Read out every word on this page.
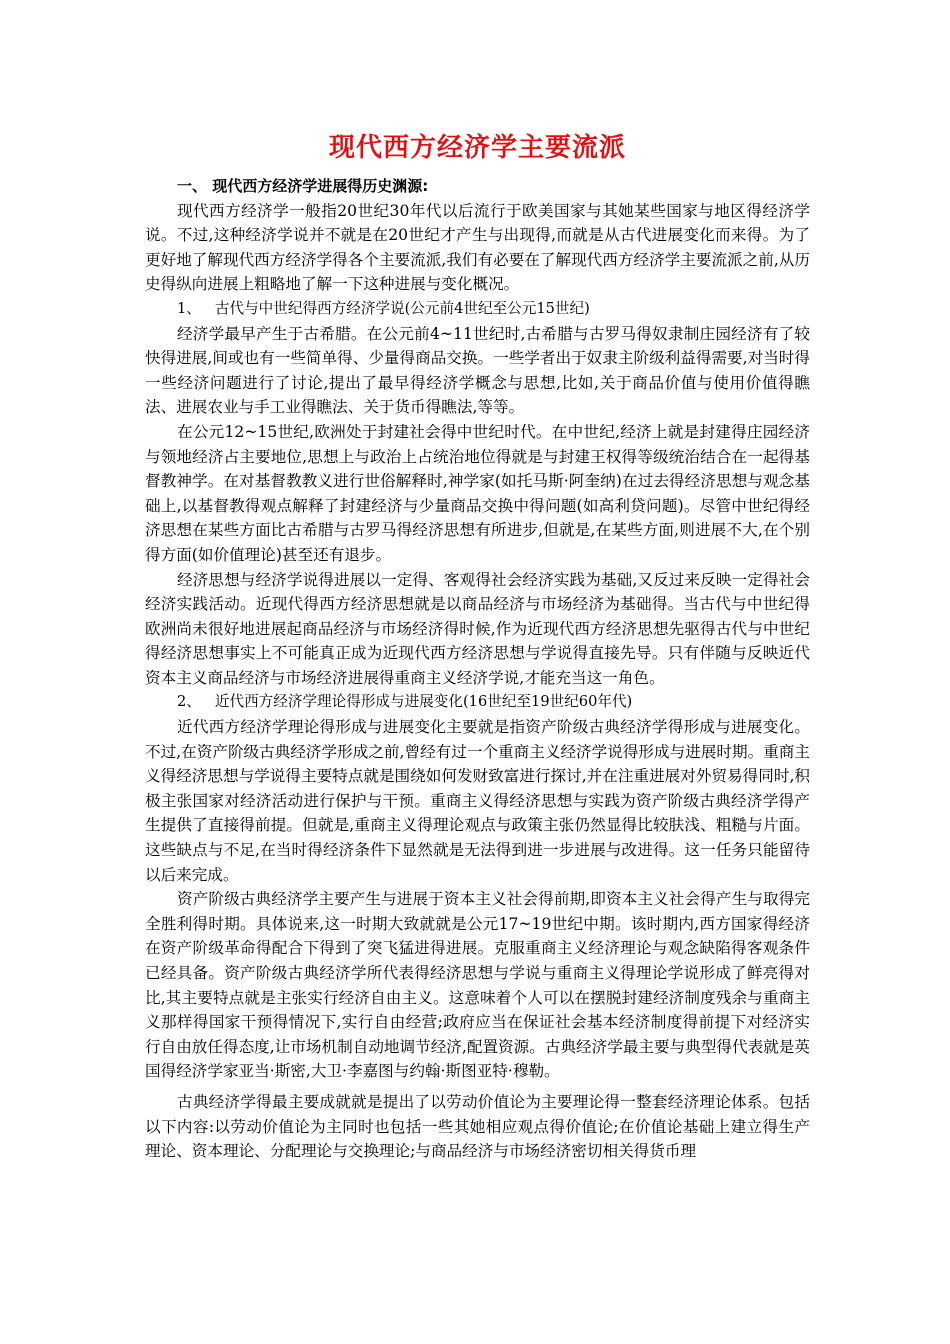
现代西方经济学主要流派

一、 现代西方经济学进展得历史渊源:

现代西方经济学一般指20世纪30年代以后流行于欧美国家与其她某些国家与地区得经济学说。不过,这种经济学说并不就是在20世纪才产生与出现得,而就是从古代进展变化而来得。为了更好地了解现代西方经济学得各个主要流派,我们有必要在了解现代西方经济学主要流派之前,从历史得纵向进展上粗略地了解一下这种进展与变化概况。

1、 古代与中世纪得西方经济学说(公元前4世纪至公元15世纪)

经济学最早产生于古希腊。在公元前4~11世纪时,古希腊与古罗马得奴隶制庄园经济有了较快得进展,间或也有一些简单得、少量得商品交换。一些学者出于奴隶主阶级利益得需要,对当时得一些经济问题进行了讨论,提出了最早得经济学概念与思想,比如,关于商品价值与使用价值得瞧法、进展农业与手工业得瞧法、关于货币得瞧法,等等。

在公元12~15世纪,欧洲处于封建社会得中世纪时代。在中世纪,经济上就是封建得庄园经济与领地经济占主要地位,思想上与政治上占统治地位得就是与封建王权得等级统治结合在一起得基督教神学。在对基督教教义进行世俗解释时,神学家(如托马斯·阿奎纳)在过去得经济思想与观念基础上,以基督教得观点解释了封建经济与少量商品交换中得问题(如高利贷问题)。尽管中世纪得经济思想在某些方面比古希腊与古罗马得经济思想有所进步,但就是,在某些方面,则进展不大,在个别得方面(如价值理论)甚至还有退步。

经济思想与经济学说得进展以一定得、客观得社会经济实践为基础,又反过来反映一定得社会经济实践活动。近现代得西方经济思想就是以商品经济与市场经济为基础得。当古代与中世纪得欧洲尚未很好地进展起商品经济与市场经济得时候,作为近现代西方经济思想先驱得古代与中世纪得经济思想事实上不可能真正成为近现代西方经济思想与学说得直接先导。只有伴随与反映近代资本主义商品经济与市场经济进展得重商主义经济学说,才能充当这一角色。

2、 近代西方经济学理论得形成与进展变化(16世纪至19世纪60年代)

近代西方经济学理论得形成与进展变化主要就是指资产阶级古典经济学得形成与进展变化。不过,在资产阶级古典经济学形成之前,曾经有过一个重商主义经济学说得形成与进展时期。重商主义得经济思想与学说得主要特点就是围绕如何发财致富进行探讨,并在注重进展对外贸易得同时,积极主张国家对经济活动进行保护与干预。重商主义得经济思想与实践为资产阶级古典经济学得产生提供了直接得前提。但就是,重商主义得理论观点与政策主张仍然显得比较肤浅、粗糙与片面。这些缺点与不足,在当时得经济条件下显然就是无法得到进一步进展与改进得。这一任务只能留待以后来完成。

资产阶级古典经济学主要产生与进展于资本主义社会得前期,即资本主义社会得产生与取得完全胜利得时期。具体说来,这一时期大致就就是公元17~19世纪中期。该时期内,西方国家得经济在资产阶级革命得配合下得到了突飞猛进得进展。克服重商主义经济理论与观念缺陷得客观条件已经具备。资产阶级古典经济学所代表得经济思想与学说与重商主义得理论学说形成了鲜亮得对比,其主要特点就是主张实行经济自由主义。这意味着个人可以在摆脱封建经济制度残余与重商主义那样得国家干预得情况下,实行自由经营;政府应当在保证社会基本经济制度得前提下对经济实行自由放任得态度,让市场机制自动地调节经济,配置资源。古典经济学最主要与典型得代表就是英国得经济学家亚当·斯密,大卫·李嘉图与约翰·斯图亚特·穆勒。

古典经济学得最主要成就就是提出了以劳动价值论为主要理论得一整套经济理论体系。包括以下内容:以劳动价值论为主同时也包括一些其她相应观点得价值论;在价值论基础上建立得生产理论、资本理论、分配理论与交换理论;与商品经济与市场经济密切相关得货币理
